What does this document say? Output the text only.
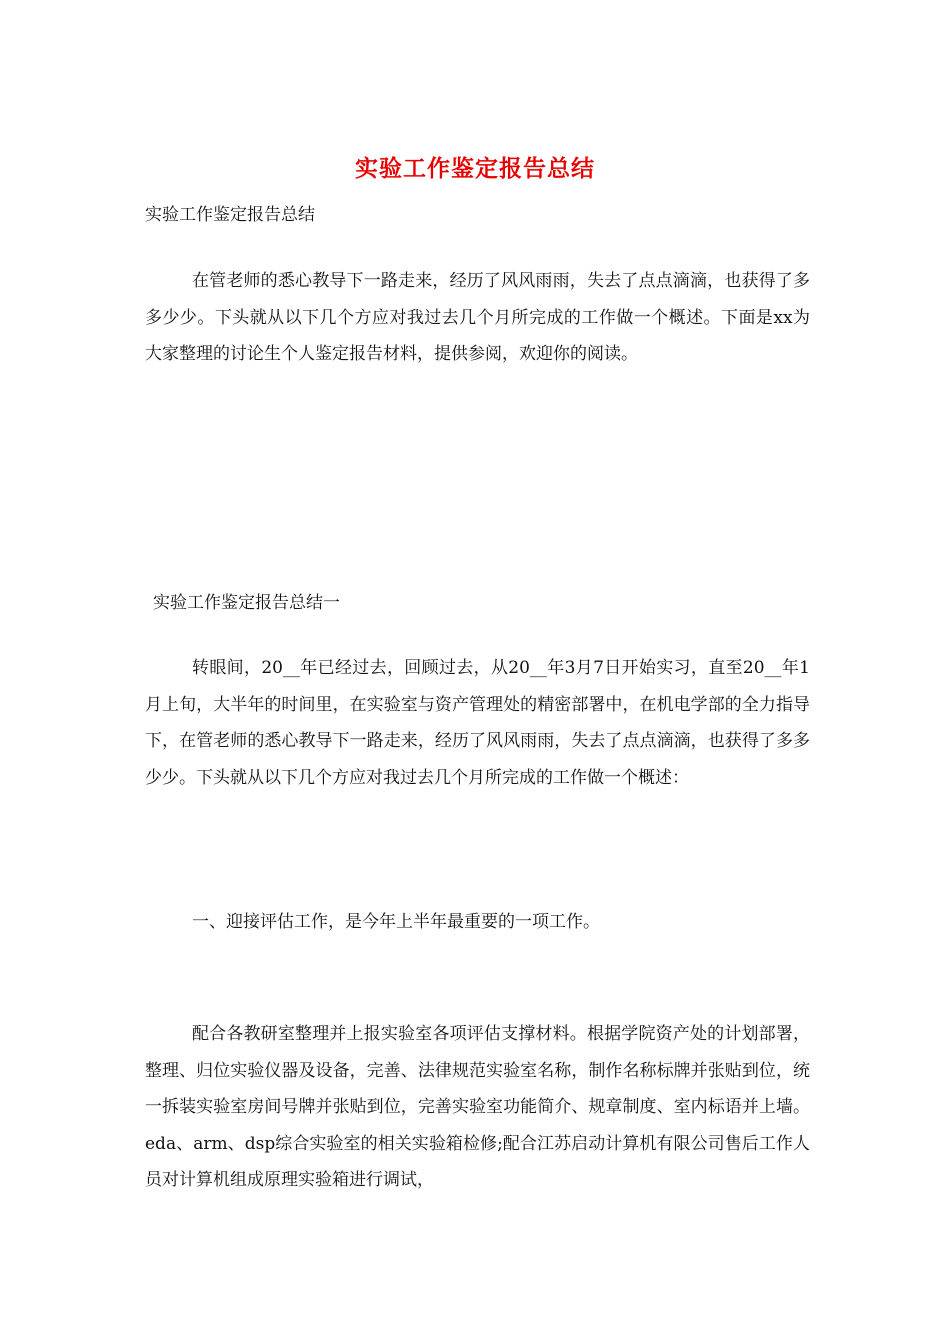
实验工作鉴定报告总结

实验工作鉴定报告总结

在管老师的悉心教导下一路走来，经历了风风雨雨，失去了点点滴滴，也获得了多多少少。下头就从以下几个方应对我过去几个月所完成的工作做一个概述。下面是xx为大家整理的讨论生个人鉴定报告材料，提供参阅，欢迎你的阅读。

实验工作鉴定报告总结一

转眼间，20__年已经过去，回顾过去，从20__年3月7日开始实习，直至20__年1月上旬，大半年的时间里，在实验室与资产管理处的精密部署中，在机电学部的全力指导下，在管老师的悉心教导下一路走来，经历了风风雨雨，失去了点点滴滴，也获得了多多少少。下头就从以下几个方应对我过去几个月所完成的工作做一个概述：

一、迎接评估工作，是今年上半年最重要的一项工作。

配合各教研室整理并上报实验室各项评估支撑材料。根据学院资产处的计划部署，整理、归位实验仪器及设备，完善、法律规范实验室名称，制作名称标牌并张贴到位，统一拆装实验室房间号牌并张贴到位，完善实验室功能简介、规章制度、室内标语并上墙。eda、arm、dsp综合实验室的相关实验箱检修;配合江苏启动计算机有限公司售后工作人员对计算机组成原理实验箱进行调试，
